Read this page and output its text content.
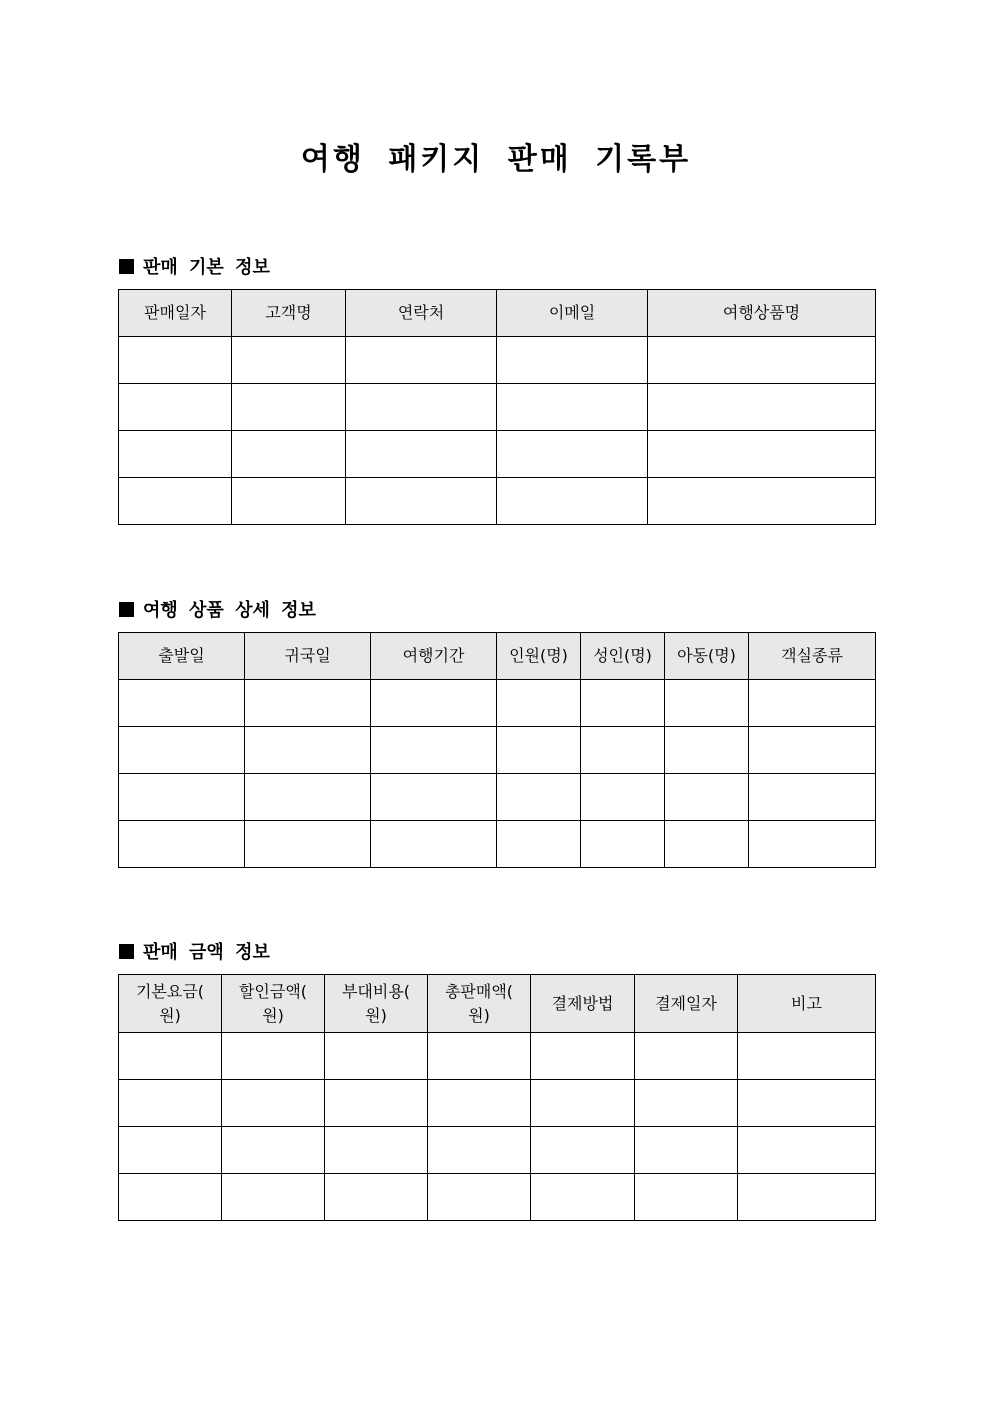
여행 패키지 판매 기록부
판매 기본 정보
판매일자	고객명	연락처	이메일	여행상품명

여행 상품 상세 정보
출발일	귀국일	여행기간	인원(명)	성인(명)	아동(명)	객실종류

판매 금액 정보
기본요금(
원)	할인금액(
원)	부대비용(
원)	총판매액(
원)	결제방법	결제일자	비고
